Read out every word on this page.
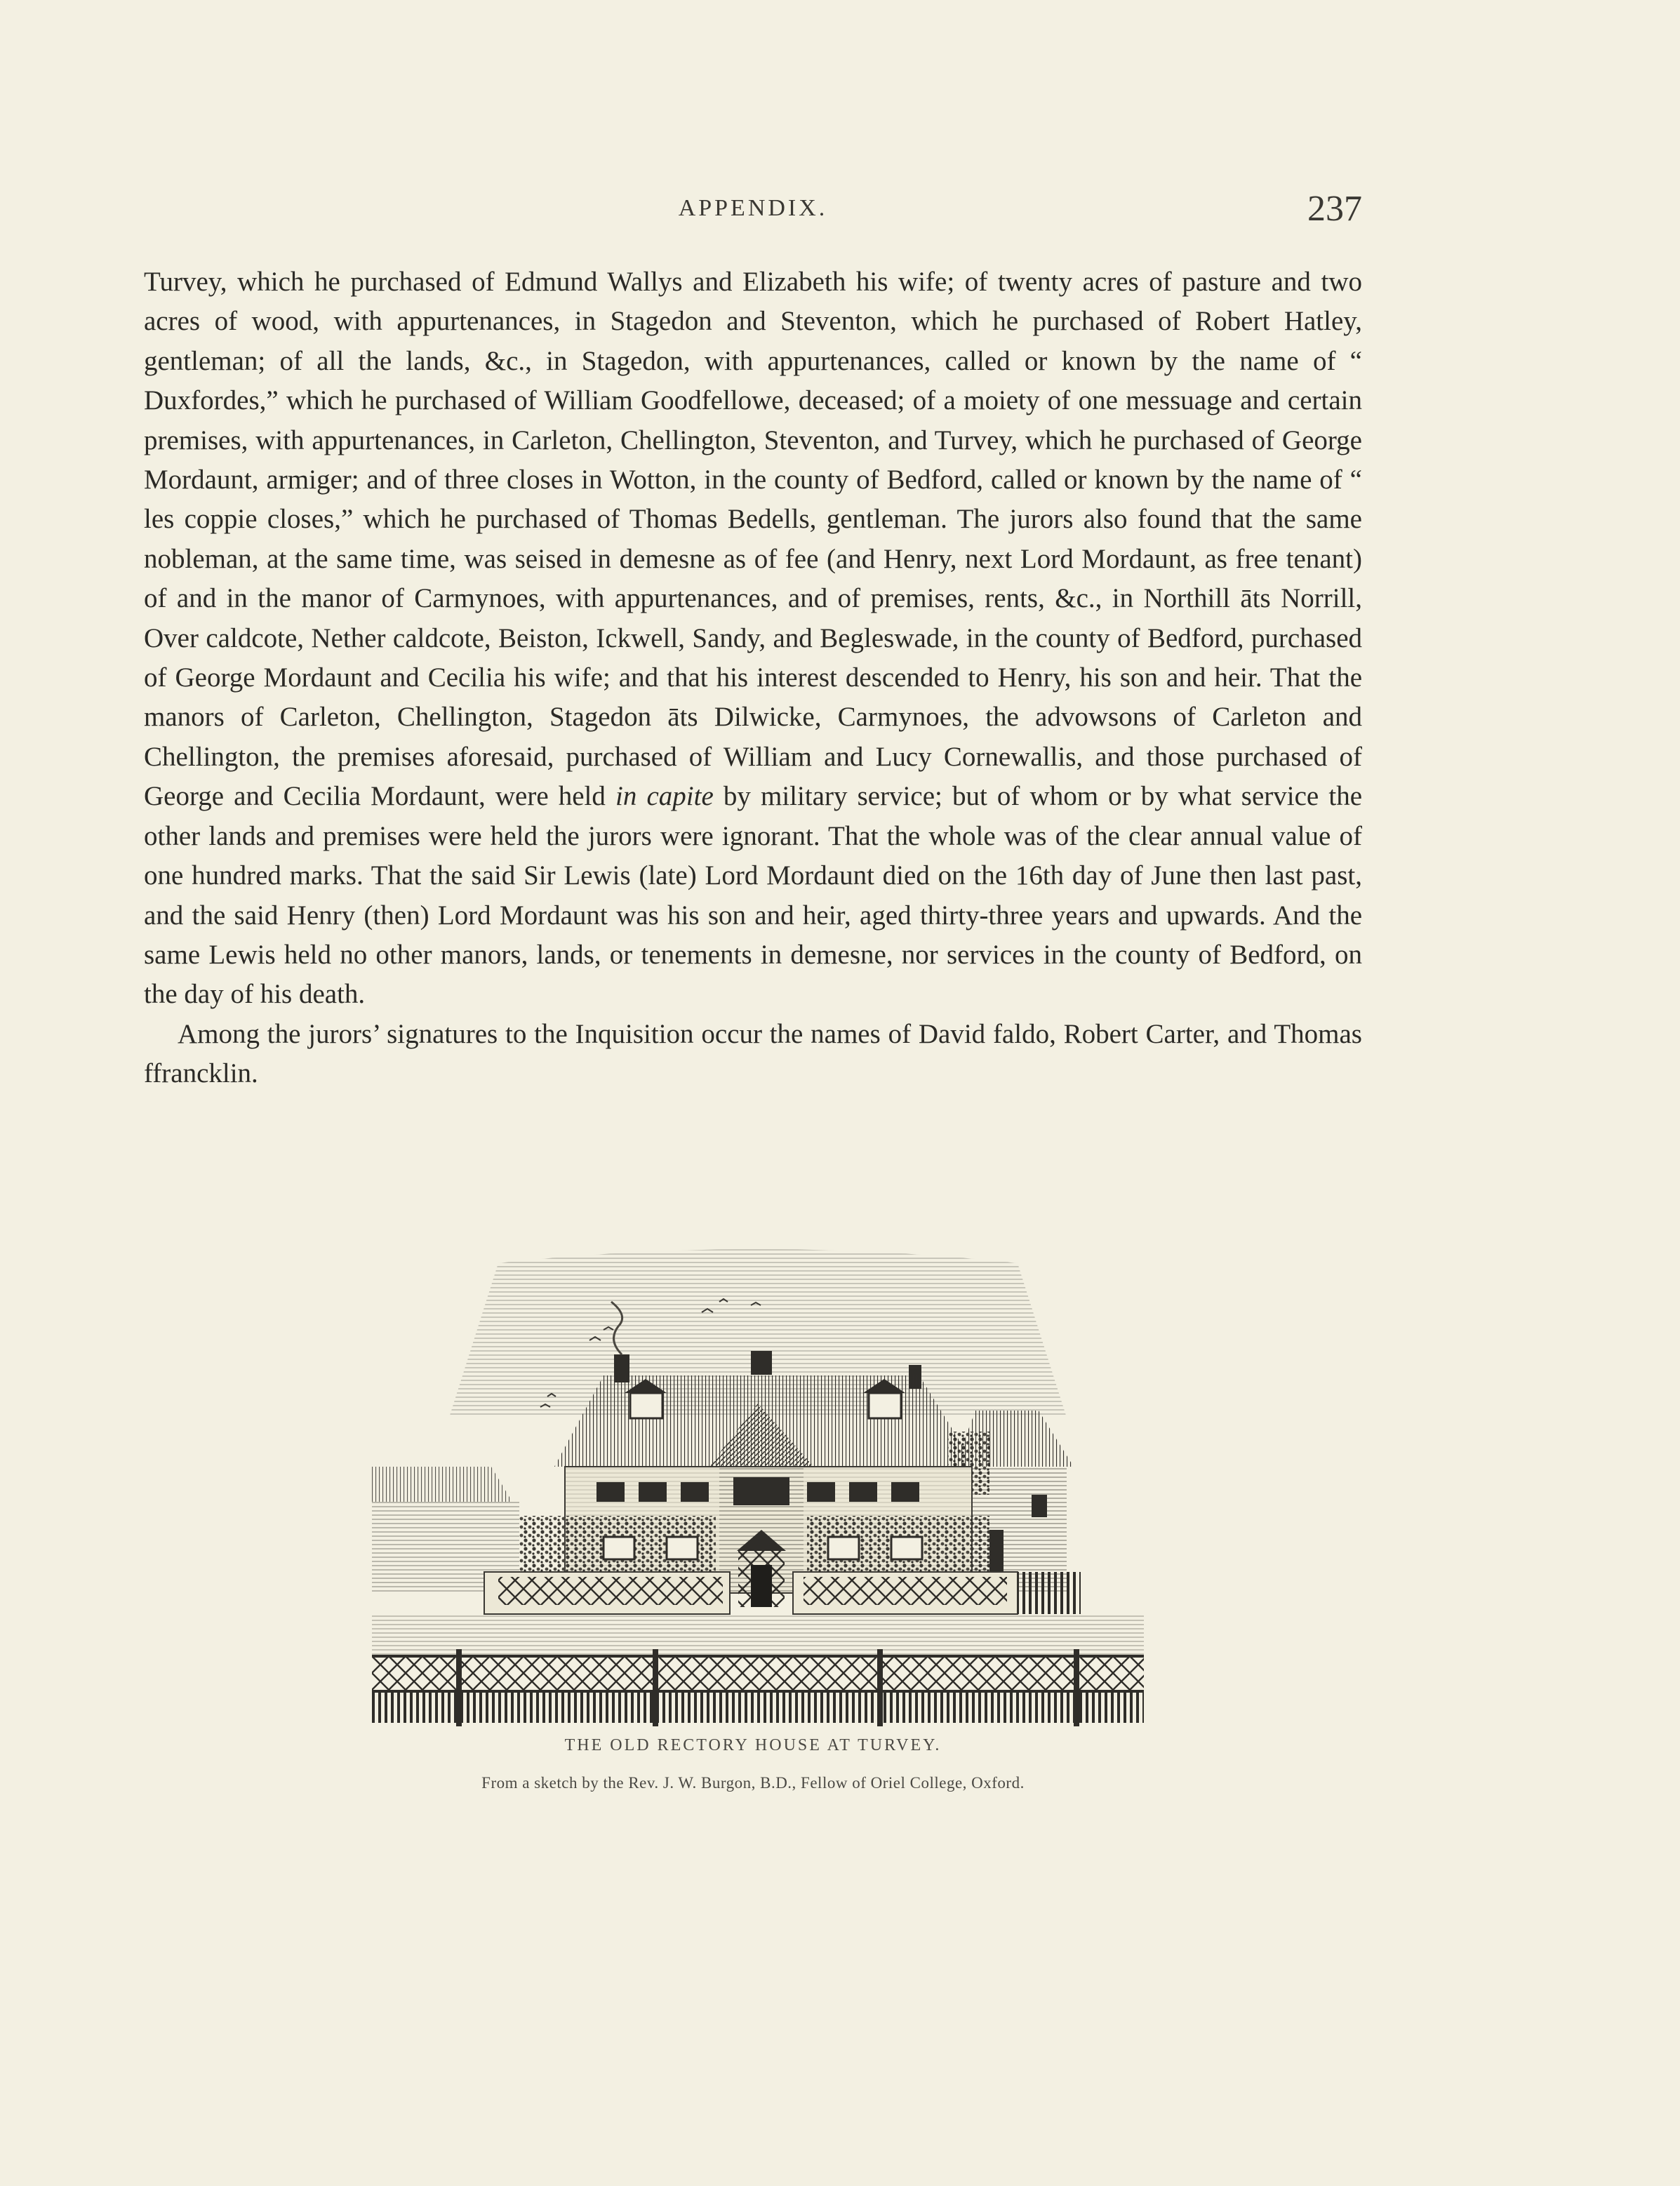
APPENDIX.	237

Turvey, which he purchased of Edmund Wallys and Elizabeth his wife; of twenty acres of pasture and two acres of wood, with appurtenances, in Stagedon and Steventon, which he purchased of Robert Hatley, gentleman; of all the lands, &c., in Stagedon, with appurtenances, called or known by the name of “ Duxfordes,” which he purchased of William Goodfellowe, deceased; of a moiety of one messuage and certain premises, with appurtenances, in Carleton, Chellington, Steventon, and Turvey, which he purchased of George Mordaunt, armiger; and of three closes in Wotton, in the county of Bedford, called or known by the name of “ les coppie closes,” which he purchased of Thomas Bedells, gentleman. The jurors also found that the same nobleman, at the same time, was seised in demesne as of fee (and Henry, next Lord Mordaunt, as free tenant) of and in the manor of Carmynoes, with appurtenances, and of premises, rents, &c., in Northill āts Norrill, Over caldcote, Nether caldcote, Beiston, Ickwell, Sandy, and Begleswade, in the county of Bedford, purchased of George Mordaunt and Cecilia his wife; and that his interest descended to Henry, his son and heir. That the manors of Carleton, Chellington, Stagedon āts Dilwicke, Carmynoes, the advowsons of Carleton and Chellington, the premises aforesaid, purchased of William and Lucy Cornewallis, and those purchased of George and Cecilia Mordaunt, were held in capite by military service; but of whom or by what service the other lands and premises were held the jurors were ignorant. That the whole was of the clear annual value of one hundred marks. That the said Sir Lewis (late) Lord Mordaunt died on the 16th day of June then last past, and the said Henry (then) Lord Mordaunt was his son and heir, aged thirty-three years and upwards. And the same Lewis held no other manors, lands, or tenements in demesne, nor services in the county of Bedford, on the day of his death.

Among the jurors’ signatures to the Inquisition occur the names of David faldo, Robert Carter, and Thomas ffrancklin.

THE OLD RECTORY HOUSE AT TURVEY.
From a sketch by the Rev. J. W. Burgon, B.D., Fellow of Oriel College, Oxford.
